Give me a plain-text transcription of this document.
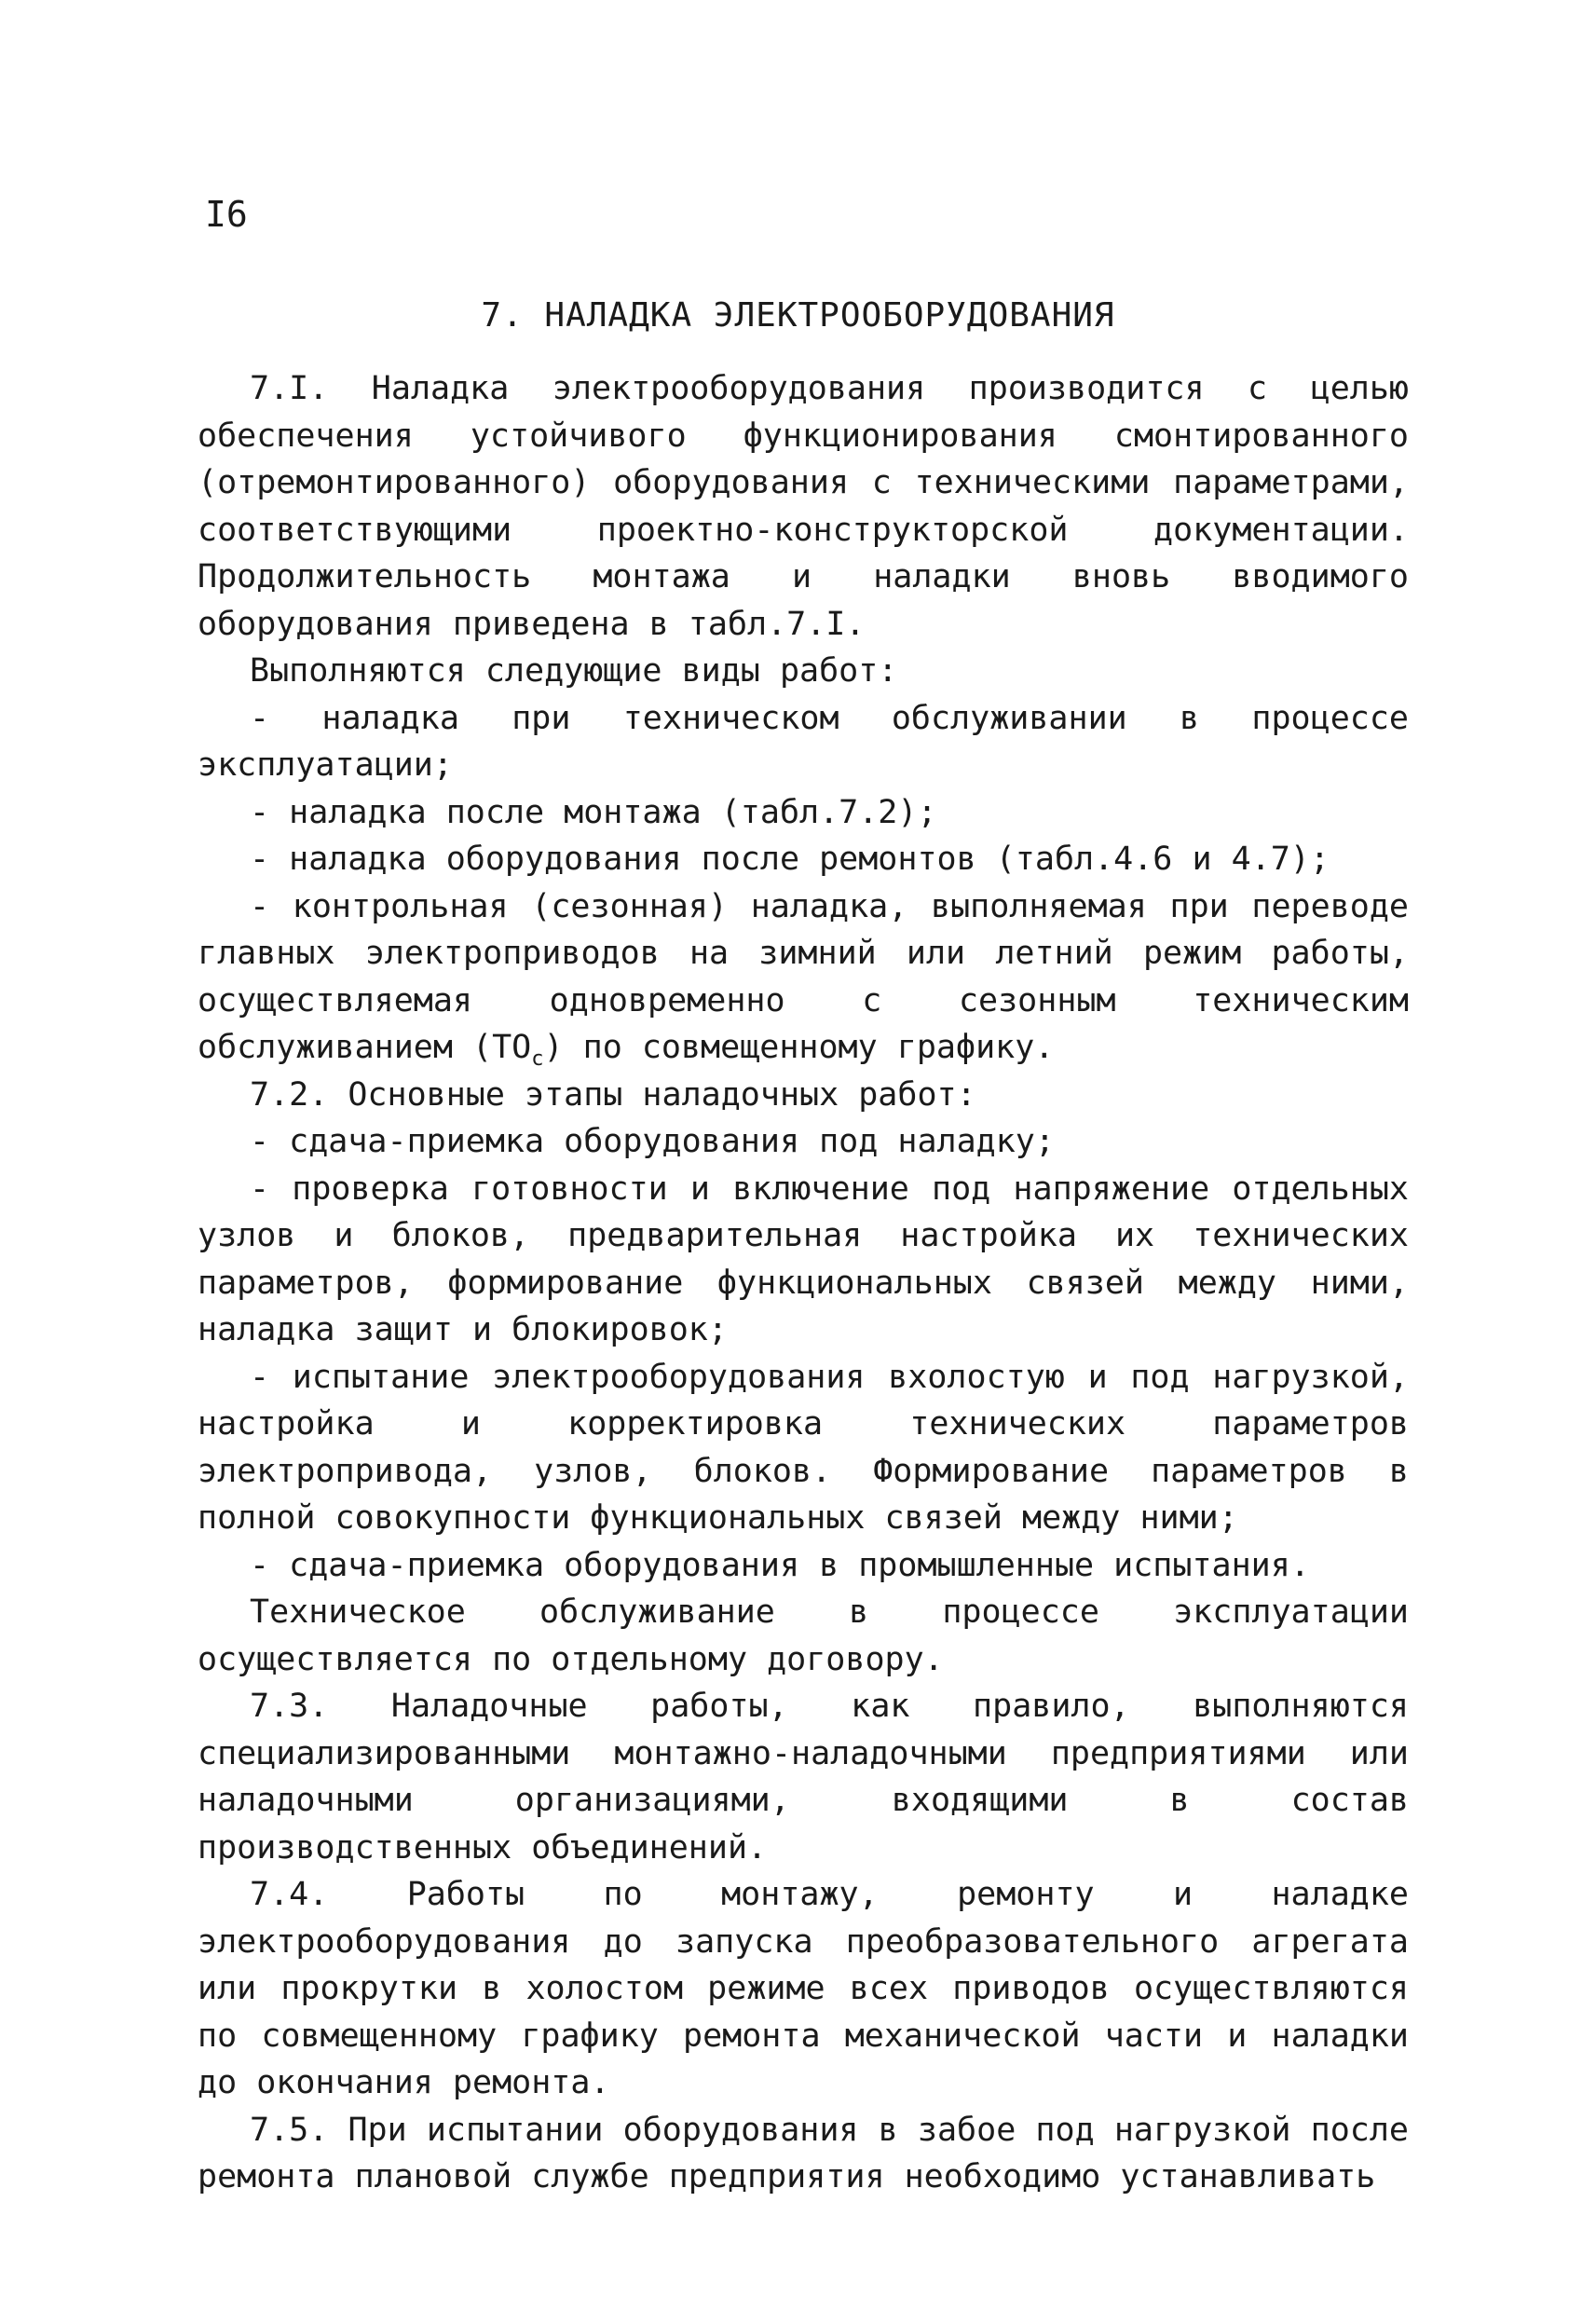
I6
7. НАЛАДКА ЭЛЕКТРООБОРУДОВАНИЯ

7.I. Наладка электрооборудования производится с целью обеспечения устойчивого функционирования смонтированного (отремонтированного) оборудования с техническими параметрами, соответствующими проектно-конструкторской документации. Продолжительность монтажа и наладки вновь вводимого оборудования приведена в табл.7.I.

Выполняются следующие виды работ:

- наладка при техническом обслуживании в процессе эксплуатации;

- наладка после монтажа (табл.7.2);

- наладка оборудования после ремонтов (табл.4.6 и 4.7);

- контрольная (сезонная) наладка, выполняемая при переводе главных электроприводов на зимний или летний режим работы, осуществляемая одновременно с сезонным техническим обслуживанием $(ТО_с)$ по совмещенному графику.

7.2. Основные этапы наладочных работ:

- сдача-приемка оборудования под наладку;

- проверка готовности и включение под напряжение отдельных узлов и блоков, предварительная настройка их технических параметров, формирование функциональных связей между ними, наладка защит и блокировок;

- испытание электрооборудования вхолостую и под нагрузкой, настройка и корректировка технических параметров электропривода, узлов, блоков. Формирование параметров в полной совокупности функциональных связей между ними;

- сдача-приемка оборудования в промышленные испытания.

Техническое обслуживание в процессе эксплуатации осуществляется по отдельному договору.

7.3. Наладочные работы, как правило, выполняются специализированными монтажно-наладочными предприятиями или наладочными организациями, входящими в состав производственных объединений.

7.4. Работы по монтажу, ремонту и наладке электрооборудования до запуска преобразовательного агрегата или прокрутки в холостом режиме всех приводов осуществляются по совмещенному графику ремонта механической части и наладки до окончания ремонта.

7.5. При испытании оборудования в забое под нагрузкой после ремонта плановой службе предприятия необходимо устанавливать
